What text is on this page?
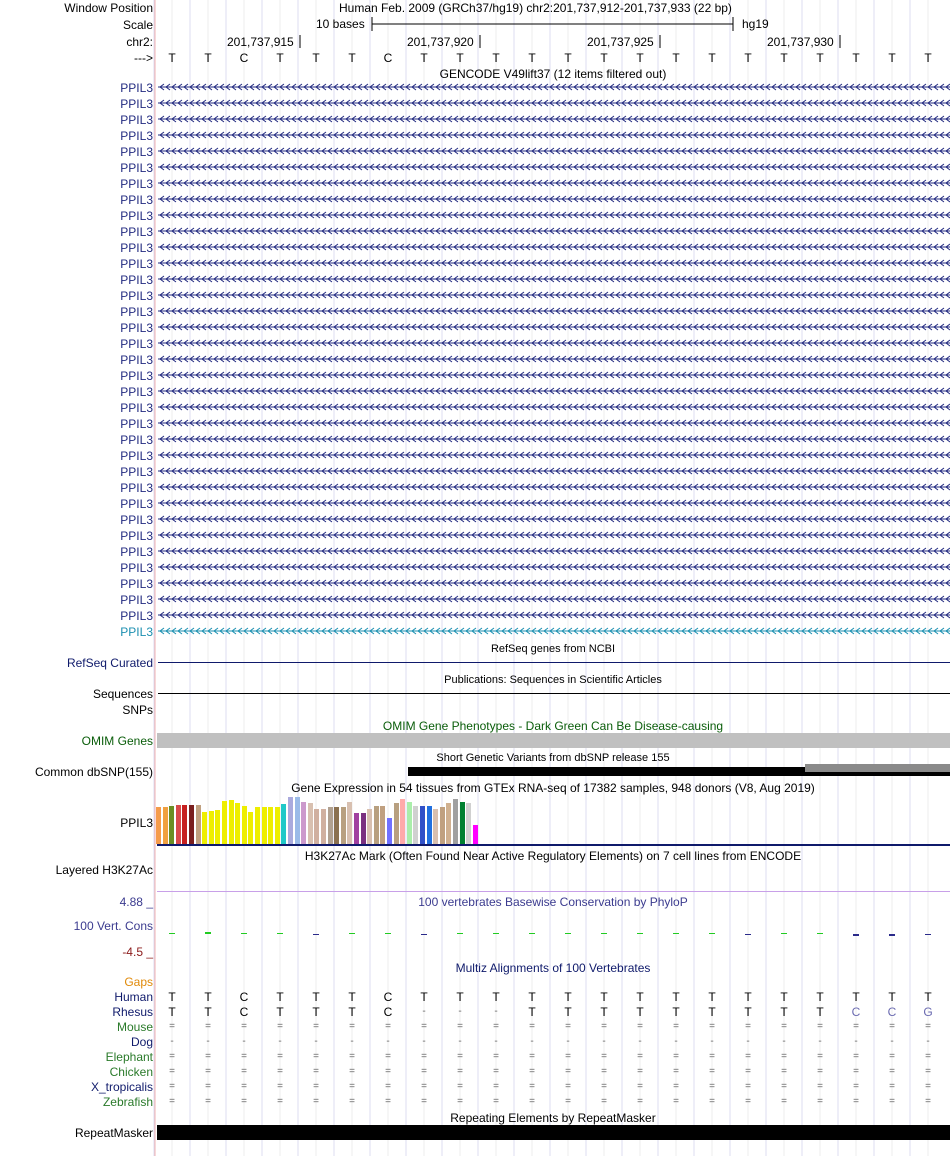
Window Position	Human Feb. 2009 (GRCh37/hg19) chr2:201,737,912-201,737,933 (22 bp)
Scale	10 bases	hg19
chr2:	201,737,915	201,737,920	201,737,925	201,737,930
--->	T	T	C	T	T	T	C	T	T	T	T	T	T	T	T	T	T	T	T	T	T	T
GENCODE V49lift37 (12 items filtered out)
PPIL3
PPIL3
PPIL3
PPIL3
PPIL3
PPIL3
PPIL3
PPIL3
PPIL3
PPIL3
PPIL3
PPIL3
PPIL3
PPIL3
PPIL3
PPIL3
PPIL3
PPIL3
PPIL3
PPIL3
PPIL3
PPIL3
PPIL3
PPIL3
PPIL3
PPIL3
PPIL3
PPIL3
PPIL3
PPIL3
PPIL3
PPIL3
PPIL3
PPIL3
PPIL3
RefSeq genes from NCBI
RefSeq Curated
Publications: Sequences in Scientific Articles
Sequences
SNPs
OMIM Gene Phenotypes - Dark Green Can Be Disease-causing
OMIM Genes
Short Genetic Variants from dbSNP release 155
Common dbSNP(155)
Gene Expression in 54 tissues from GTEx RNA-seq of 17382 samples, 948 donors (V8, Aug 2019)
PPIL3
H3K27Ac Mark (Often Found Near Active Regulatory Elements) on 7 cell lines from ENCODE
Layered H3K27Ac
100 vertebrates Basewise Conservation by PhyloP
4.88 _
100 Vert. Cons
-4.5 _
Multiz Alignments of 100 Vertebrates
Gaps
Human	T	T	C	T	T	T	C	T	T	T	T	T	T	T	T	T	T	T	T	T	T	T
Rhesus	T	T	C	T	T	T	C	-	-	-	T	T	T	T	T	T	T	T	T	C	C	G
Mouse	=	=	=	=	=	=	=	=	=	=	=	=	=	=	=	=	=	=	=	=	=	=
Dog	-	-	-	-	-	-	-	-	-	-	-	-	-	-	-	-	-	-	-	-	-	-
Elephant	=	=	=	=	=	=	=	=	=	=	=	=	=	=	=	=	=	=	=	=	=	=
Chicken	=	=	=	=	=	=	=	=	=	=	=	=	=	=	=	=	=	=	=	=	=	=
X_tropicalis	=	=	=	=	=	=	=	=	=	=	=	=	=	=	=	=	=	=	=	=	=	=
Zebrafish	=	=	=	=	=	=	=	=	=	=	=	=	=	=	=	=	=	=	=	=	=	=
Repeating Elements by RepeatMasker
RepeatMasker
